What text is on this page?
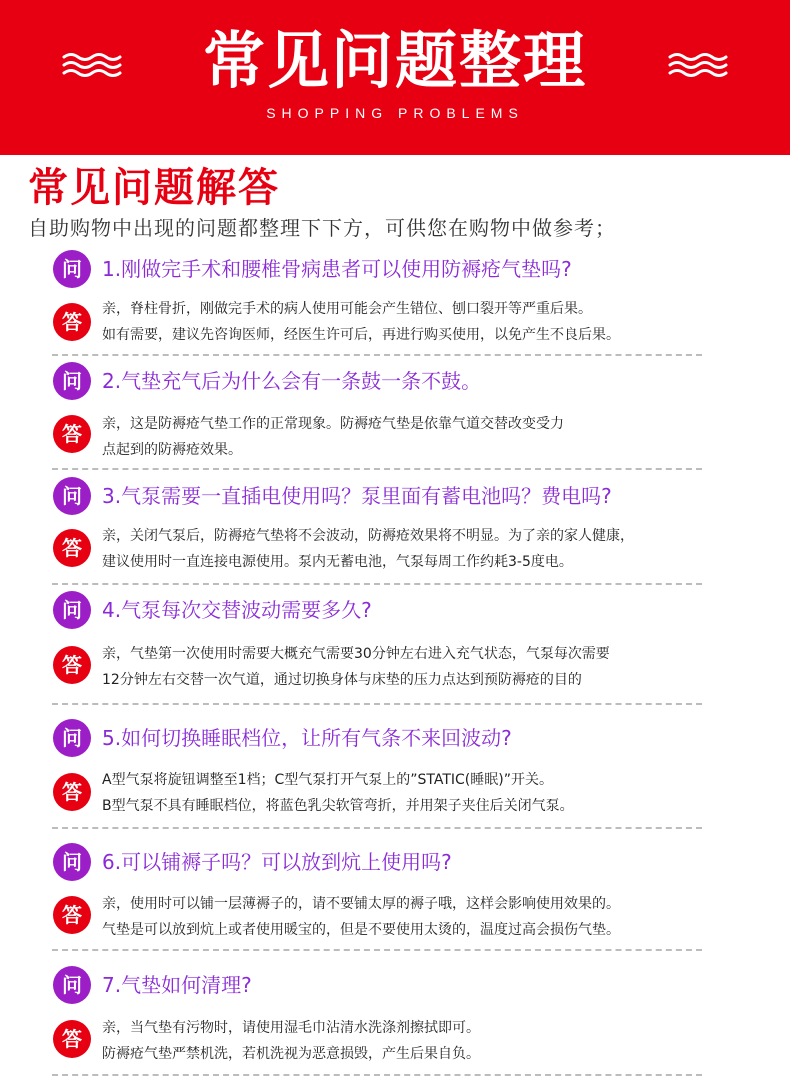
常见问题整理
SHOPPING PROBLEMS
常见问题解答
自助购物中出现的问题都整理下下方，可供您在购物中做参考；
问	1.刚做完手术和腰椎骨病患者可以使用防褥疮气垫吗?
答
亲，脊柱骨折，刚做完手术的病人使用可能会产生错位、刨口裂开等严重后果。
如有需要，建议先咨询医师，经医生许可后，再进行购买使用，以免产生不良后果。
问	2.气垫充气后为什么会有一条鼓一条不鼓。
答	亲，这是防褥疮气垫工作的正常现象。防褥疮气垫是依靠气道交替改变受力
点起到的防褥疮效果。
问	3.气泵需要一直插电使用吗？泵里面有蓄电池吗？费电吗?
答	亲，关闭气泵后，防褥疮气垫将不会波动，防褥疮效果将不明显。为了亲的家人健康，
建议使用时一直连接电源使用。泵内无蓄电池，气泵每周工作约耗3-5度电。
问	4.气泵每次交替波动需要多久?
答	亲，气垫第一次使用时需要大概充气需要30分钟左右进入充气状态，气泵每次需要
12分钟左右交替一次气道，通过切换身体与床垫的压力点达到预防褥疮的目的
问	5.如何切换睡眠档位，让所有气条不来回波动?
答	A型气泵将旋钮调整至1档；C型气泵打开气泵上的”STATIC(睡眠)”开关。
B型气泵不具有睡眠档位，将蓝色乳尖软管弯折，并用架子夹住后关闭气泵。
问	6.可以铺褥子吗？可以放到炕上使用吗?
答	亲，使用时可以铺一层薄褥子的，请不要铺太厚的褥子哦，这样会影响使用效果的。
气垫是可以放到炕上或者使用暖宝的，但是不要使用太烫的，温度过高会损伤气垫。
问	7.气垫如何清理?
答	亲，当气垫有污物时，请使用湿毛巾沾清水洗涤剂擦拭即可。
防褥疮气垫严禁机洗，若机洗视为恶意损毁，产生后果自负。
